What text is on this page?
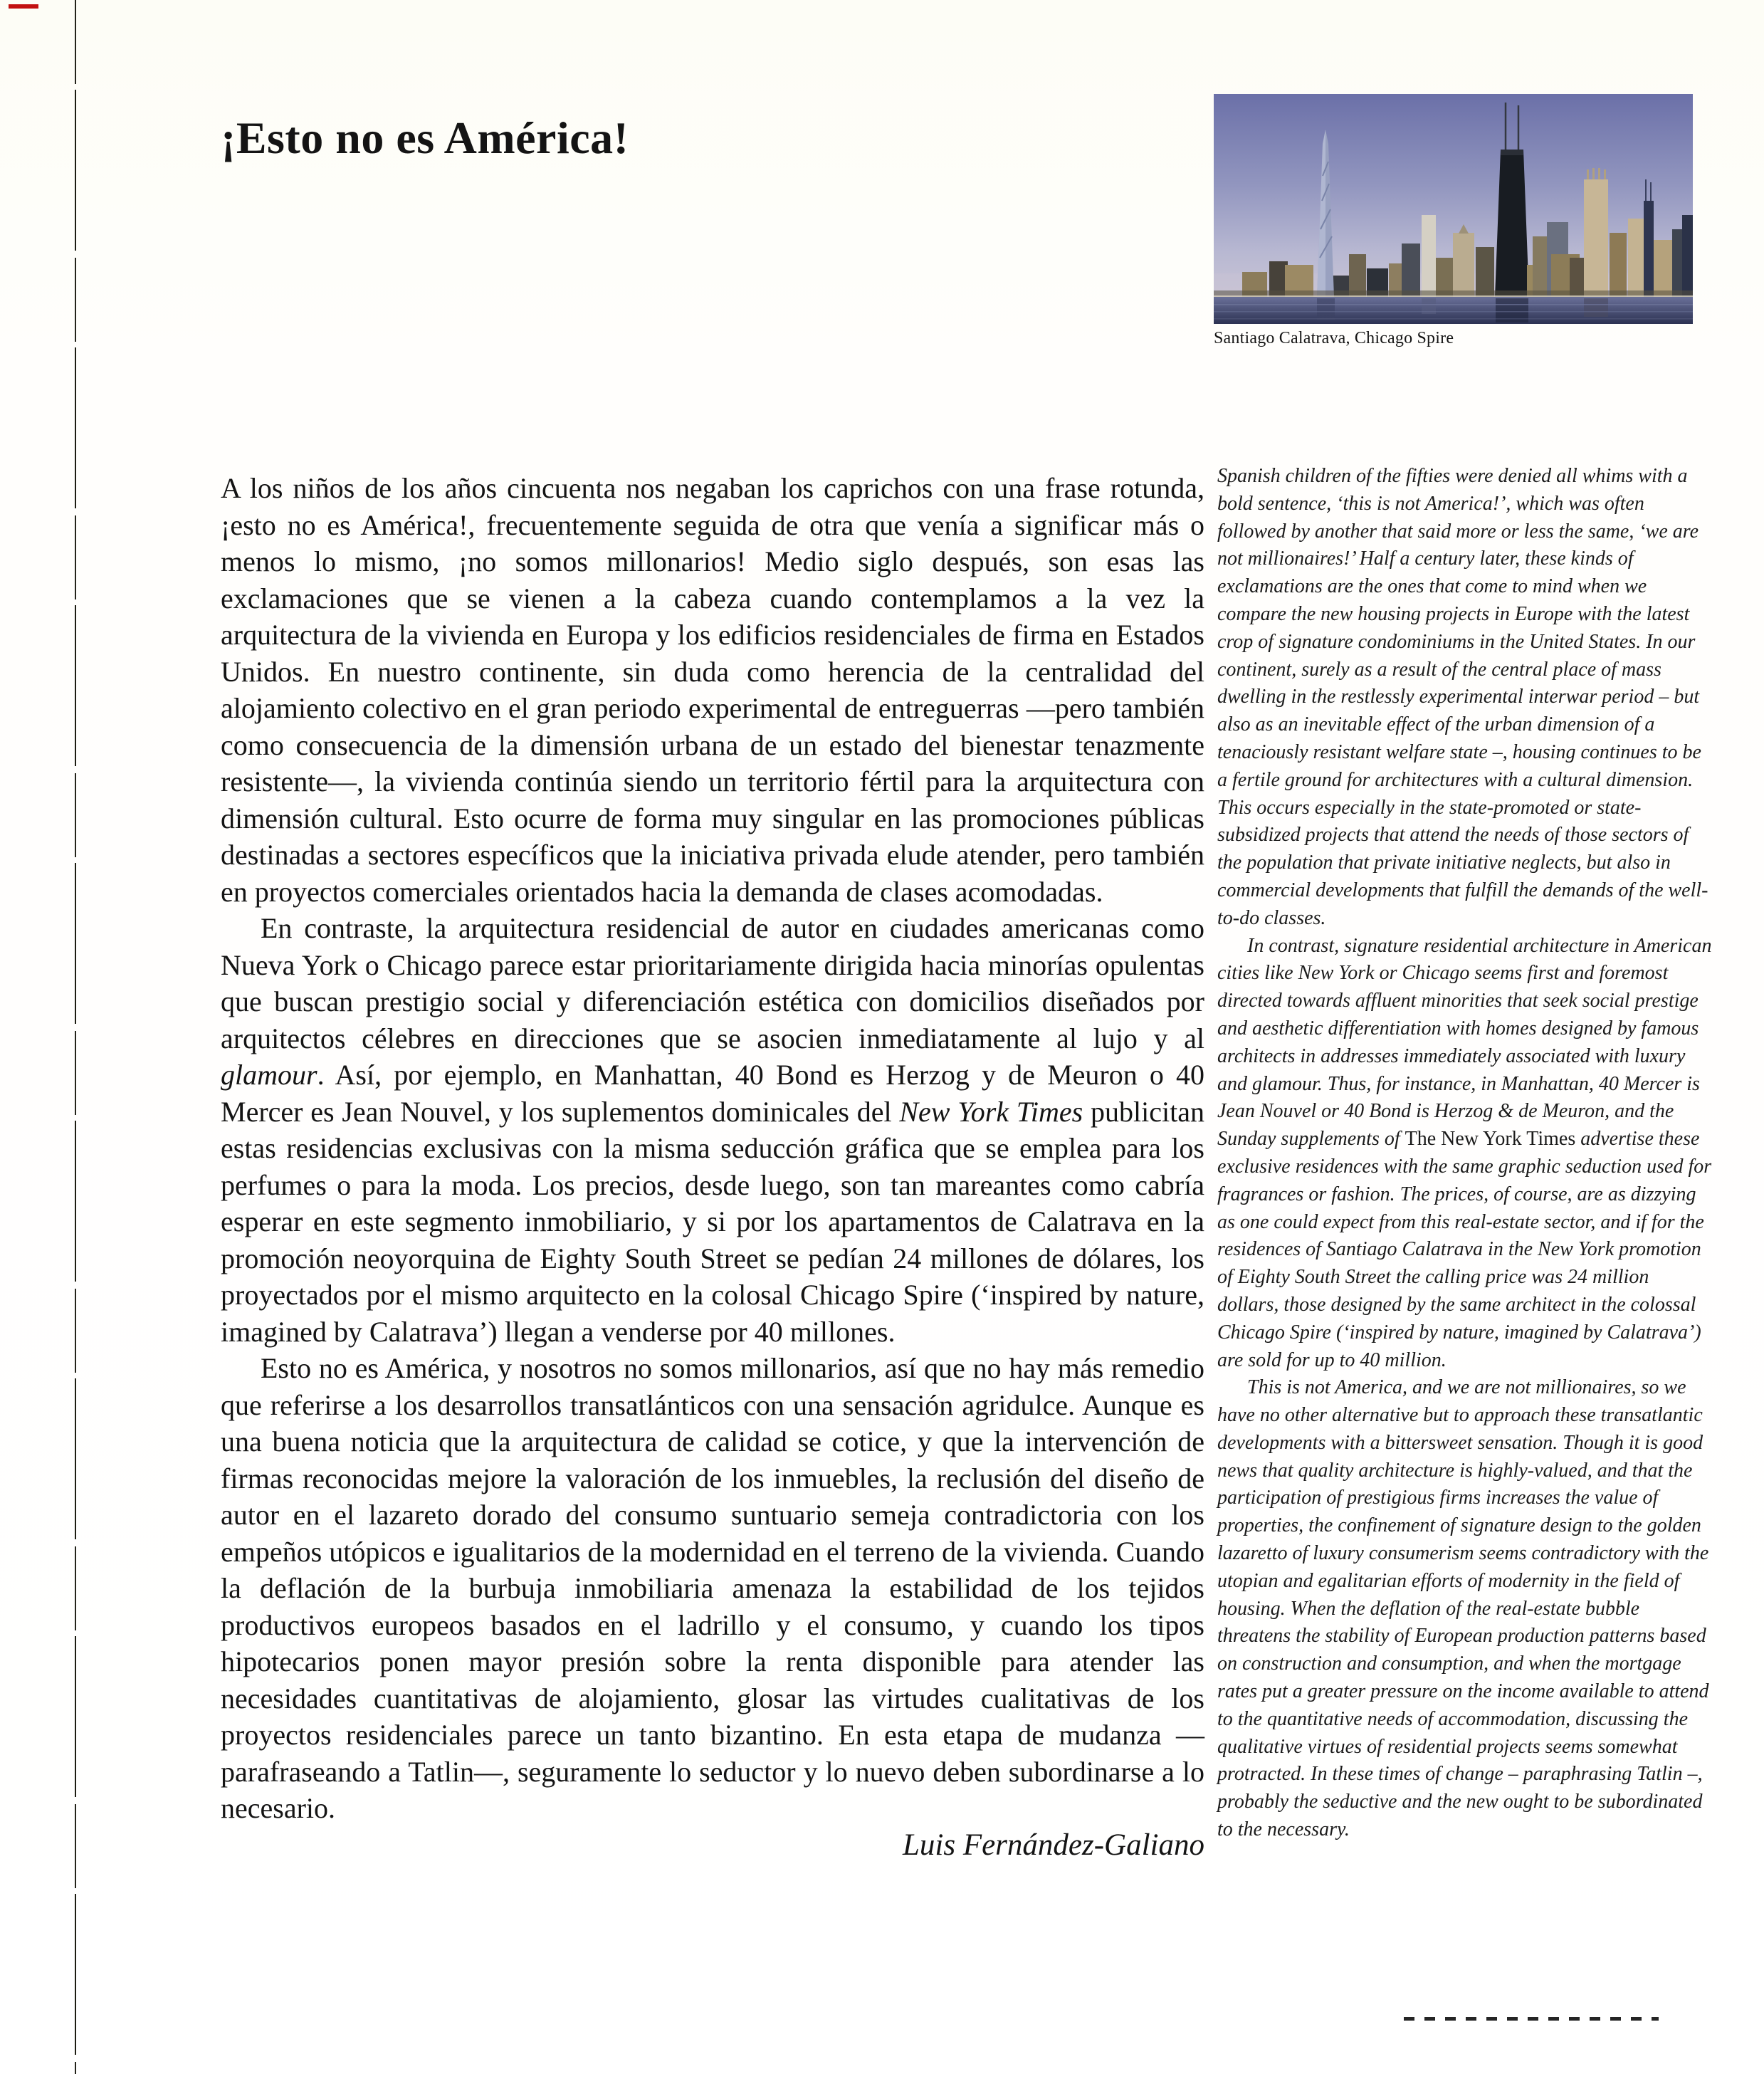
¡Esto no es América!
Santiago Calatrava, Chicago Spire

A los niños de los años cincuenta nos negaban los caprichos con una frase rotunda, ¡esto no es América!, frecuentemente seguida de otra que venía a significar más o menos lo mismo, ¡no somos millonarios! Medio siglo después, son esas las exclamaciones que se vienen a la cabeza cuando contemplamos a la vez la arquitectura de la vivienda en Europa y los edificios residenciales de firma en Estados Unidos. En nuestro continente, sin duda como herencia de la centralidad del alojamiento colectivo en el gran periodo experimental de entreguerras —pero también como consecuencia de la dimensión urbana de un estado del bienestar tenazmente resistente—, la vivienda continúa siendo un territorio fértil para la arquitectura con dimensión cultural. Esto ocurre de forma muy singular en las promociones públicas destinadas a sectores específicos que la iniciativa privada elude atender, pero también en proyectos comerciales orientados hacia la demanda de clases acomodadas.

En contraste, la arquitectura residencial de autor en ciudades americanas como Nueva York o Chicago parece estar prioritariamente dirigida hacia minorías opulentas que buscan prestigio social y diferenciación estética con domicilios diseñados por arquitectos célebres en direcciones que se asocien inmediatamente al lujo y al glamour. Así, por ejemplo, en Manhattan, 40 Bond es Herzog y de Meuron o 40 Mercer es Jean Nouvel, y los suplementos dominicales del New York Times publicitan estas residencias exclusivas con la misma seducción gráfica que se emplea para los perfumes o para la moda. Los precios, desde luego, son tan mareantes como cabría esperar en este segmento inmobiliario, y si por los apartamentos de Calatrava en la promoción neoyorquina de Eighty South Street se pedían 24 millones de dólares, los proyectados por el mismo arquitecto en la colosal Chicago Spire (‘inspired by nature, imagined by Calatrava’) llegan a venderse por 40 millones.

Esto no es América, y nosotros no somos millonarios, así que no hay más remedio que referirse a los desarrollos transatlánticos con una sensación agridulce. Aunque es una buena noticia que la arquitectura de calidad se cotice, y que la intervención de firmas reconocidas mejore la valoración de los inmuebles, la reclusión del diseño de autor en el lazareto dorado del consumo suntuario semeja contradictoria con los empeños utópicos e igualitarios de la modernidad en el terreno de la vivienda. Cuando la deflación de la burbuja inmobiliaria amenaza la estabilidad de los tejidos productivos europeos basados en el ladrillo y el consumo, y cuando los tipos hipotecarios ponen mayor presión sobre la renta disponible para atender las necesidades cuantitativas de alojamiento, glosar las virtudes cualitativas de los proyectos residenciales parece un tanto bizantino. En esta etapa de mudanza —parafraseando a Tatlin—, seguramente lo seductor y lo nuevo deben subordinarse a lo necesario.

Luis Fernández-Galiano

Spanish children of the fifties were denied all whims with a bold sentence, ‘this is not America!’, which was often followed by another that said more or less the same, ‘we are not millionaires!’ Half a century later, these kinds of exclamations are the ones that come to mind when we compare the new housing projects in Europe with the latest crop of signature condominiums in the United States. In our continent, surely as a result of the central place of mass dwelling in the restlessly experimental interwar period – but also as an inevitable effect of the urban dimension of a tenaciously resistant welfare state –, housing continues to be a fertile ground for architectures with a cultural dimension. This occurs especially in the state-promoted or state-subsidized projects that attend the needs of those sectors of the population that private initiative neglects, but also in commercial developments that fulfill the demands of the well-to-do classes.

In contrast, signature residential architecture in American cities like New York or Chicago seems first and foremost directed towards affluent minorities that seek social prestige and aesthetic differentiation with homes designed by famous architects in addresses immediately associated with luxury and glamour. Thus, for instance, in Manhattan, 40 Mercer is Jean Nouvel or 40 Bond is Herzog & de Meuron, and the Sunday supplements of The New York Times advertise these exclusive residences with the same graphic seduction used for fragrances or fashion. The prices, of course, are as dizzying as one could expect from this real-estate sector, and if for the residences of Santiago Calatrava in the New York promotion of Eighty South Street the calling price was 24 million dollars, those designed by the same architect in the colossal Chicago Spire (‘inspired by nature, imagined by Calatrava’) are sold for up to 40 million.

This is not America, and we are not millionaires, so we have no other alternative but to approach these transatlantic developments with a bittersweet sensation. Though it is good news that quality architecture is highly-valued, and that the participation of prestigious firms increases the value of properties, the confinement of signature design to the golden lazaretto of luxury consumerism seems contradictory with the utopian and egalitarian efforts of modernity in the field of housing. When the deflation of the real-estate bubble threatens the stability of European production patterns based on construction and consumption, and when the mortgage rates put a greater pressure on the income available to attend to the quantitative needs of accommodation, discussing the qualitative virtues of residential projects seems somewhat protracted. In these times of change – paraphrasing Tatlin –, probably the seductive and the new ought to be subordinated to the necessary.
